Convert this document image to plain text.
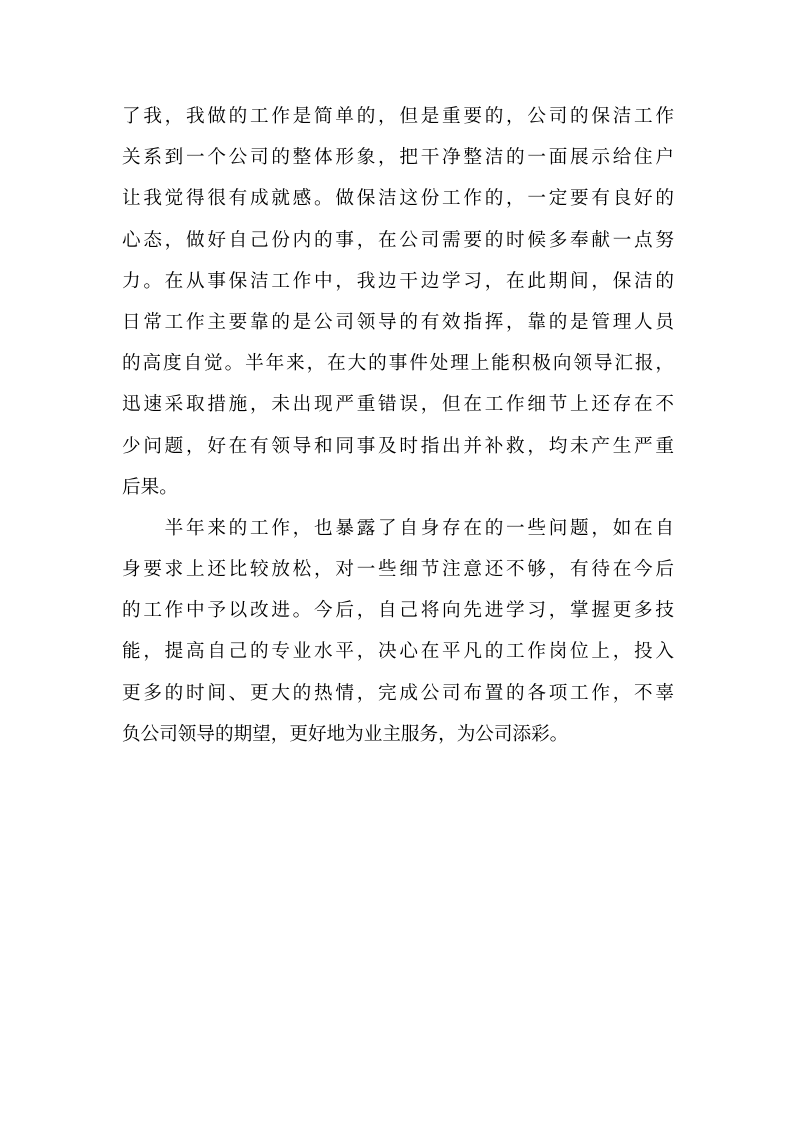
了我，我做的工作是简单的，但是重要的，公司的保洁工作
关系到一个公司的整体形象，把干净整洁的一面展示给住户
让我觉得很有成就感。做保洁这份工作的，一定要有良好的
心态，做好自己份内的事，在公司需要的时候多奉献一点努
力。在从事保洁工作中，我边干边学习，在此期间，保洁的
日常工作主要靠的是公司领导的有效指挥，靠的是管理人员
的高度自觉。半年来，在大的事件处理上能积极向领导汇报，
迅速采取措施，未出现严重错误，但在工作细节上还存在不
少问题，好在有领导和同事及时指出并补救，均未产生严重
后果。
　　半年来的工作，也暴露了自身存在的一些问题，如在自
身要求上还比较放松，对一些细节注意还不够，有待在今后
的工作中予以改进。今后，自己将向先进学习，掌握更多技
能，提高自己的专业水平，决心在平凡的工作岗位上，投入
更多的时间、更大的热情，完成公司布置的各项工作，不辜
负公司领导的期望，更好地为业主服务，为公司添彩。
